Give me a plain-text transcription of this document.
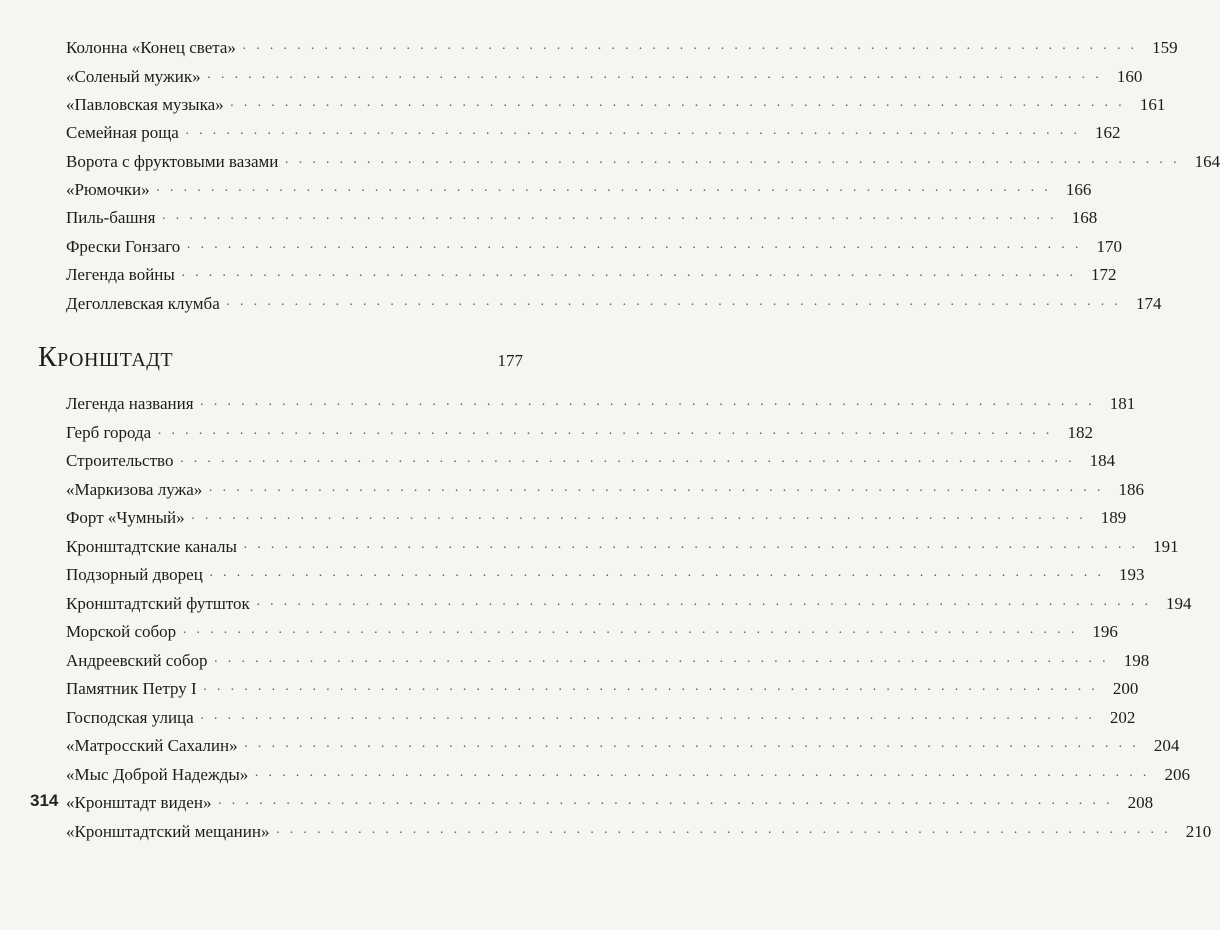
Колонна «Конец света» ·································································· 159
«Соленый мужик» ·································································· 160
«Павловская музыка» ·································································· 161
Семейная роща ·································································· 162
Ворота с фруктовыми вазами ·································································· 164
«Рюмочки» ·································································· 166
Пиль-башня ·································································· 168
Фрески Гонзаго ·································································· 170
Легенда войны ·································································· 172
Деголлевская клумба ·································································· 174
Кронштадт	177
Легенда названия ·································································· 181
Герб города ·································································· 182
Строительство ·································································· 184
«Маркизова лужа» ·································································· 186
Форт «Чумный» ·································································· 189
Кронштадтские каналы ·································································· 191
Подзорный дворец ·································································· 193
Кронштадтский футшток ·································································· 194
Морской собор ·································································· 196
Андреевский собор ·································································· 198
Памятник Петру I ·································································· 200
Господская улица ·································································· 202
«Матросский Сахалин» ·································································· 204
«Мыс Доброй Надежды» ·································································· 206
«Кронштадт виден» ·································································· 208
«Кронштадтский мещанин» ·································································· 210
314
